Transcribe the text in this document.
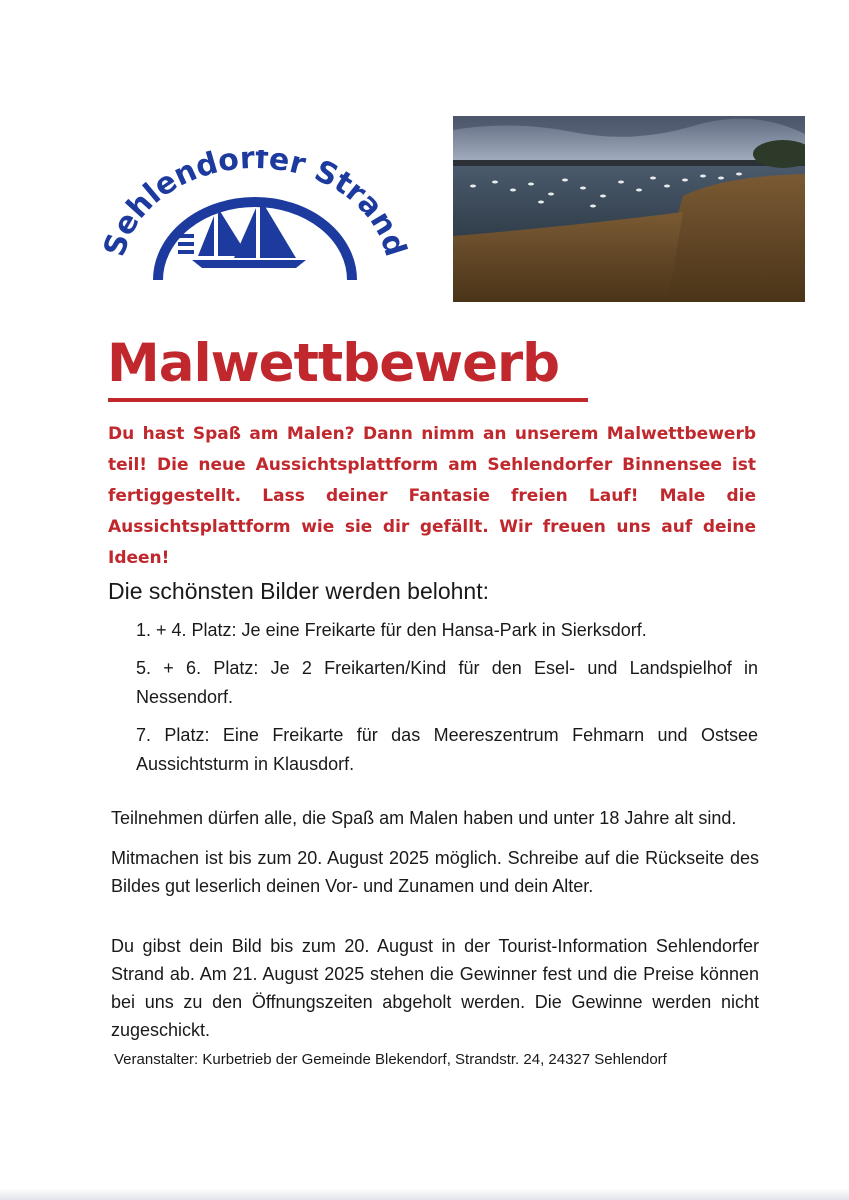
Sehlendorfer Strand
Malwettbewerb

Du hast Spaß am Malen? Dann nimm an unserem Malwettbewerb teil! Die neue Aussichtsplattform am Sehlendorfer Binnensee ist fertiggestellt. Lass deiner Fantasie freien Lauf! Male die Aussichtsplattform wie sie dir gefällt. Wir freuen uns auf deine Ideen!

Die schönsten Bilder werden belohnt:
1. + 4. Platz: Je eine Freikarte für den Hansa-Park in Sierksdorf.
5. + 6. Platz: Je 2 Freikarten/Kind für den Esel- und Landspielhof in Nessendorf.
7. Platz: Eine Freikarte für das Meereszentrum Fehmarn und Ostsee Aussichtsturm in Klausdorf.

Teilnehmen dürfen alle, die Spaß am Malen haben und unter 18 Jahre alt sind.

Mitmachen ist bis zum 20. August 2025 möglich. Schreibe auf die Rückseite des Bildes gut leserlich deinen Vor- und Zunamen und dein Alter.

Du gibst dein Bild bis zum 20. August in der Tourist-Information Sehlendorfer Strand ab. Am 21. August 2025 stehen die Gewinner fest und die Preise können bei uns zu den Öffnungszeiten abgeholt werden. Die Gewinne werden nicht zugeschickt.

Veranstalter: Kurbetrieb der Gemeinde Blekendorf, Strandstr. 24, 24327 Sehlendorf
